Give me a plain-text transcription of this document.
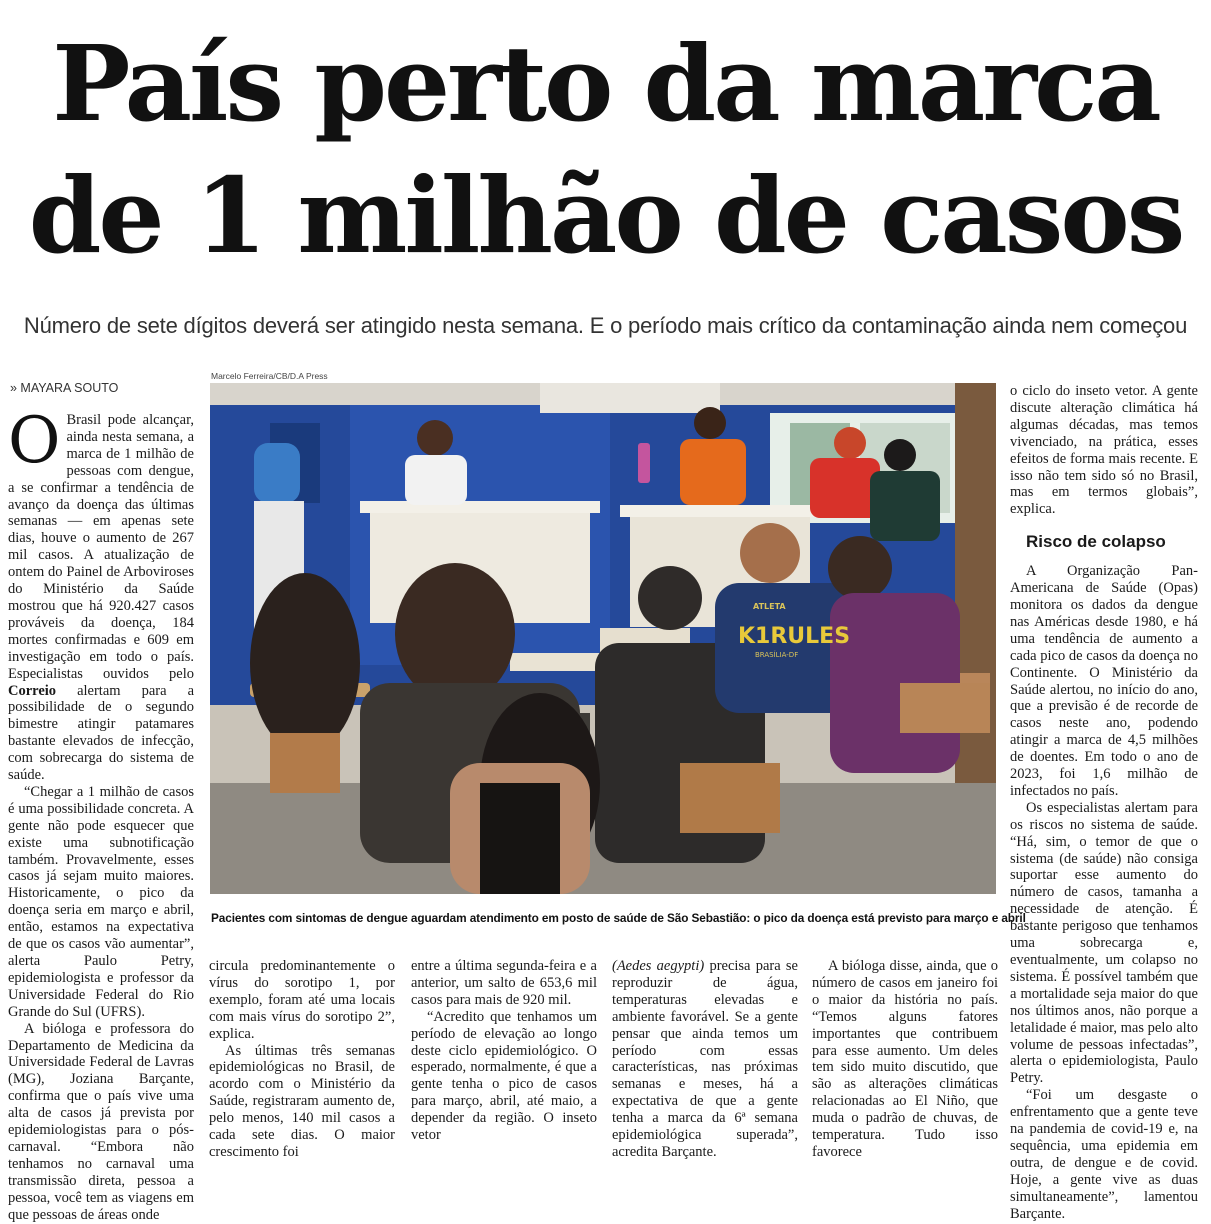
País perto da marca
de 1 milhão de casos
Número de sete dígitos deverá ser atingido nesta semana. E o período mais crítico da contaminação ainda nem começou
» MAYARA SOUTO

O Brasil pode alcançar, ainda nesta semana, a marca de 1 milhão de pessoas com dengue, a se confirmar a tendência de avanço da doença das últimas semanas — em apenas sete dias, houve o aumento de 267 mil casos. A atualização de ontem do Painel de Arboviroses do Ministério da Saúde mostrou que há 920.427 casos prováveis da doença, 184 mortes confirmadas e 609 em investigação em todo o país. Especialistas ouvidos pelo Correio alertam para a possibilidade de o segundo bimestre atingir patamares bastante elevados de infecção, com sobrecarga do sistema de saúde.

“Chegar a 1 milhão de casos é uma possibilidade concreta. A gente não pode esquecer que existe uma subnotificação também. Provavelmente, esses casos já sejam muito maiores. Historicamente, o pico da doença seria em março e abril, então, estamos na expectativa de que os casos vão aumentar”, alerta Paulo Petry, epidemiologista e professor da Universidade Federal do Rio Grande do Sul (UFRS).

A bióloga e professora do Departamento de Medicina da Universidade Federal de Lavras (MG), Joziana Barçante, confirma que o país vive uma alta de casos já prevista por epidemiologistas para o pós-carnaval. “Embora não tenhamos no carnaval uma transmissão direta, pessoa a pessoa, você tem as viagens em que pessoas de áreas onde

Marcelo Ferreira/CB/D.A Press
ATLETA
K1RULES
BRASÍLIA-DF
Pacientes com sintomas de dengue aguardam atendimento em posto de saúde de São Sebastião: o pico da doença está previsto para março e abril

circula predominantemente o vírus do sorotipo 1, por exemplo, foram até uma locais com mais vírus do sorotipo 2”, explica.

As últimas três semanas epidemiológicas no Brasil, de acordo com o Ministério da Saúde, registraram aumento de, pelo menos, 140 mil casos a cada sete dias. O maior crescimento foi

entre a última segunda-feira e a anterior, um salto de 653,6 mil casos para mais de 920 mil.

“Acredito que tenhamos um período de elevação ao longo deste ciclo epidemiológico. O esperado, normalmente, é que a gente tenha o pico de casos para março, abril, até maio, a depender da região. O inseto vetor

(Aedes aegypti) precisa para se reproduzir de água, temperaturas elevadas e ambiente favorável. Se a gente pensar que ainda temos um período com essas características, nas próximas semanas e meses, há a expectativa de que a gente tenha a marca da 6ª semana epidemiológica superada”, acredita Barçante.

A bióloga disse, ainda, que o número de casos em janeiro foi o maior da história no país. “Temos alguns fatores importantes que contribuem para esse aumento. Um deles tem sido muito discutido, que são as alterações climáticas relacionadas ao El Niño, que muda o padrão de chuvas, de temperatura. Tudo isso favorece

o ciclo do inseto vetor. A gente discute alteração climática há algumas décadas, mas temos vivenciado, na prática, esses efeitos de forma mais recente. E isso não tem sido só no Brasil, mas em termos globais”, explica.

Risco de colapso

A Organização Pan-Americana de Saúde (Opas) monitora os dados da dengue nas Américas desde 1980, e há uma tendência de aumento a cada pico de casos da doença no Continente. O Ministério da Saúde alertou, no início do ano, que a previsão é de recorde de casos neste ano, podendo atingir a marca de 4,5 milhões de doentes. Em todo o ano de 2023, foi 1,6 milhão de infectados no país.

Os especialistas alertam para os riscos no sistema de saúde. “Há, sim, o temor de que o sistema (de saúde) não consiga suportar esse aumento do número de casos, tamanha a necessidade de atenção. É bastante perigoso que tenhamos uma sobrecarga e, eventualmente, um colapso no sistema. É possível também que a mortalidade seja maior do que nos últimos anos, não porque a letalidade é maior, mas pelo alto volume de pessoas infectadas”, alerta o epidemiologista, Paulo Petry.

“Foi um desgaste o enfrentamento que a gente teve na pandemia de covid-19 e, na sequência, uma epidemia em outra, de dengue e de covid. Hoje, a gente vive as duas simultaneamente”, lamentou Barçante.
